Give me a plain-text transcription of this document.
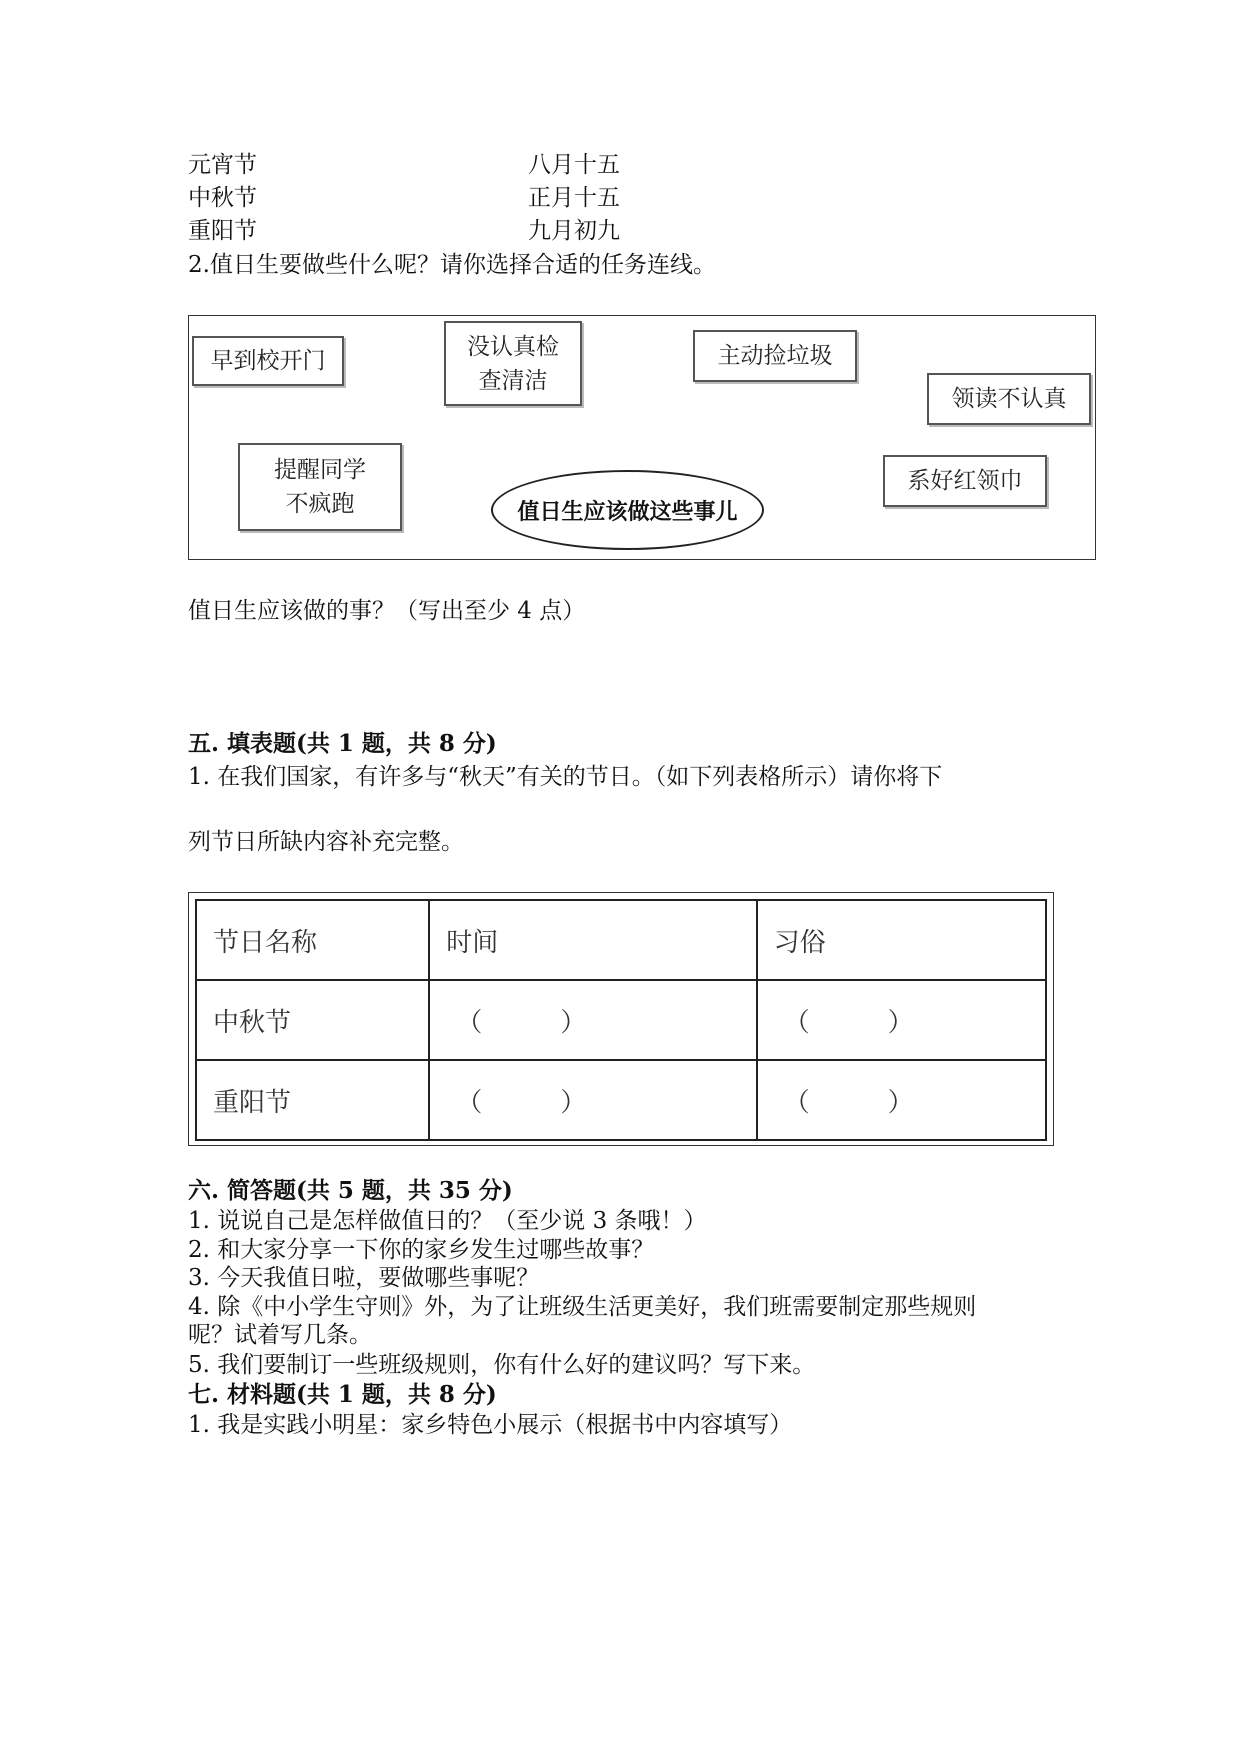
元宵节	八月十五
中秋节	正月十五
重阳节	九月初九
2.值日生要做些什么呢？请你选择合适的任务连线。
早到校开门
没认真检
查清洁
主动捡垃圾
领读不认真
提醒同学
不疯跑
系好红领巾
值日生应该做这些事儿
值日生应该做的事？（写出至少 4 点）
五. 填表题(共 1 题，共 8 分)
1. 在我们国家，有许多与“秋天”有关的节日。（如下列表格所示）请你将下
列节日所缺内容补充完整。
节日名称	时间	习俗
中秋节	（ ）	（ ）
重阳节	（ ）	（ ）
六. 简答题(共 5 题，共 35 分)
1. 说说自己是怎样做值日的？（至少说 3 条哦！）
2. 和大家分享一下你的家乡发生过哪些故事？
3. 今天我值日啦，要做哪些事呢？
4. 除《中小学生守则》外，为了让班级生活更美好，我们班需要制定那些规则
呢？试着写几条。
5. 我们要制订一些班级规则，你有什么好的建议吗？写下来。
七. 材料题(共 1 题，共 8 分)
1. 我是实践小明星：家乡特色小展示（根据书中内容填写）
